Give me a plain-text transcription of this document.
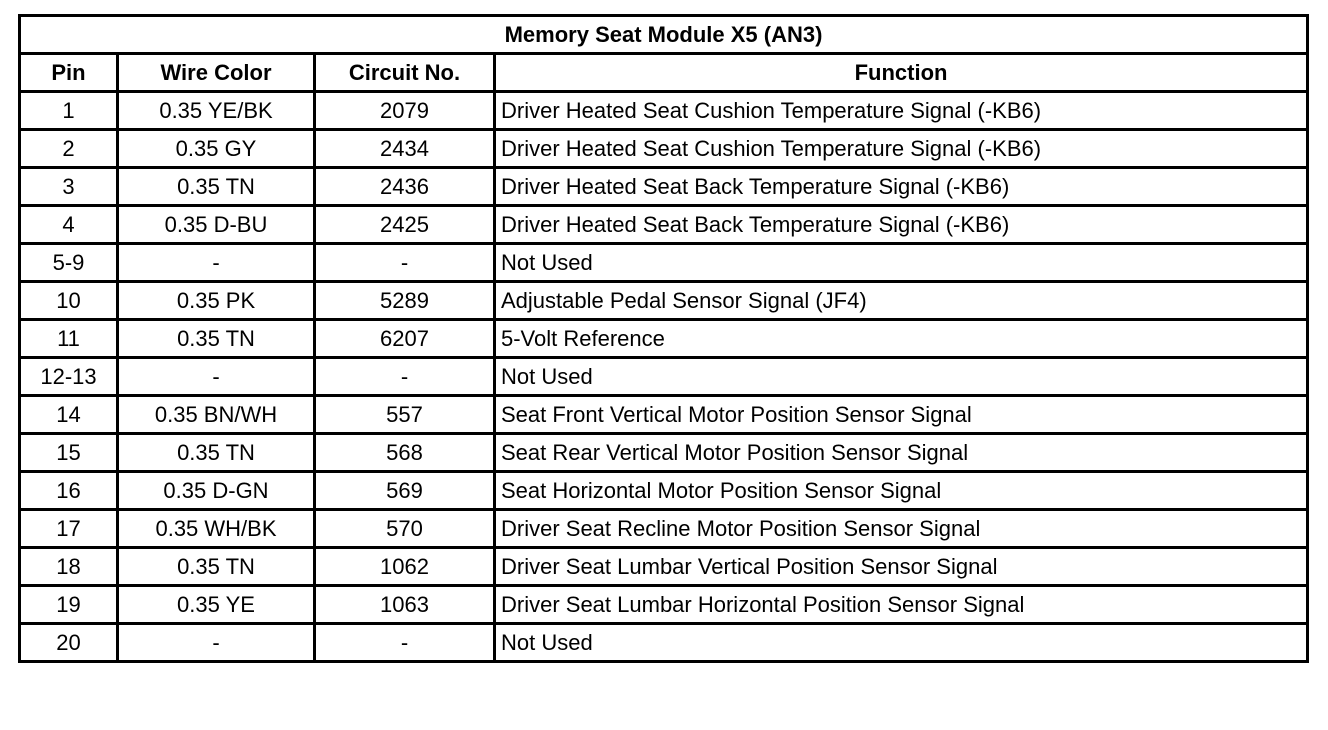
Memory Seat Module X5 (AN3)			
Pin	Wire Color	Circuit No.	Function
1	0.35 YE/BK	2079	Driver Heated Seat Cushion Temperature Signal (-KB6)
2	0.35 GY	2434	Driver Heated Seat Cushion Temperature Signal (-KB6)
3	0.35 TN	2436	Driver Heated Seat Back Temperature Signal (-KB6)
4	0.35 D-BU	2425	Driver Heated Seat Back Temperature Signal (-KB6)
5-9	-	-	Not Used
10	0.35 PK	5289	Adjustable Pedal Sensor Signal (JF4)
11	0.35 TN	6207	5-Volt Reference
12-13	-	-	Not Used
14	0.35 BN/WH	557	Seat Front Vertical Motor Position Sensor Signal
15	0.35 TN	568	Seat Rear Vertical Motor Position Sensor Signal
16	0.35 D-GN	569	Seat Horizontal Motor Position Sensor Signal
17	0.35 WH/BK	570	Driver Seat Recline Motor Position Sensor Signal
18	0.35 TN	1062	Driver Seat Lumbar Vertical Position Sensor Signal
19	0.35 YE	1063	Driver Seat Lumbar Horizontal Position Sensor Signal
20	-	-	Not Used
